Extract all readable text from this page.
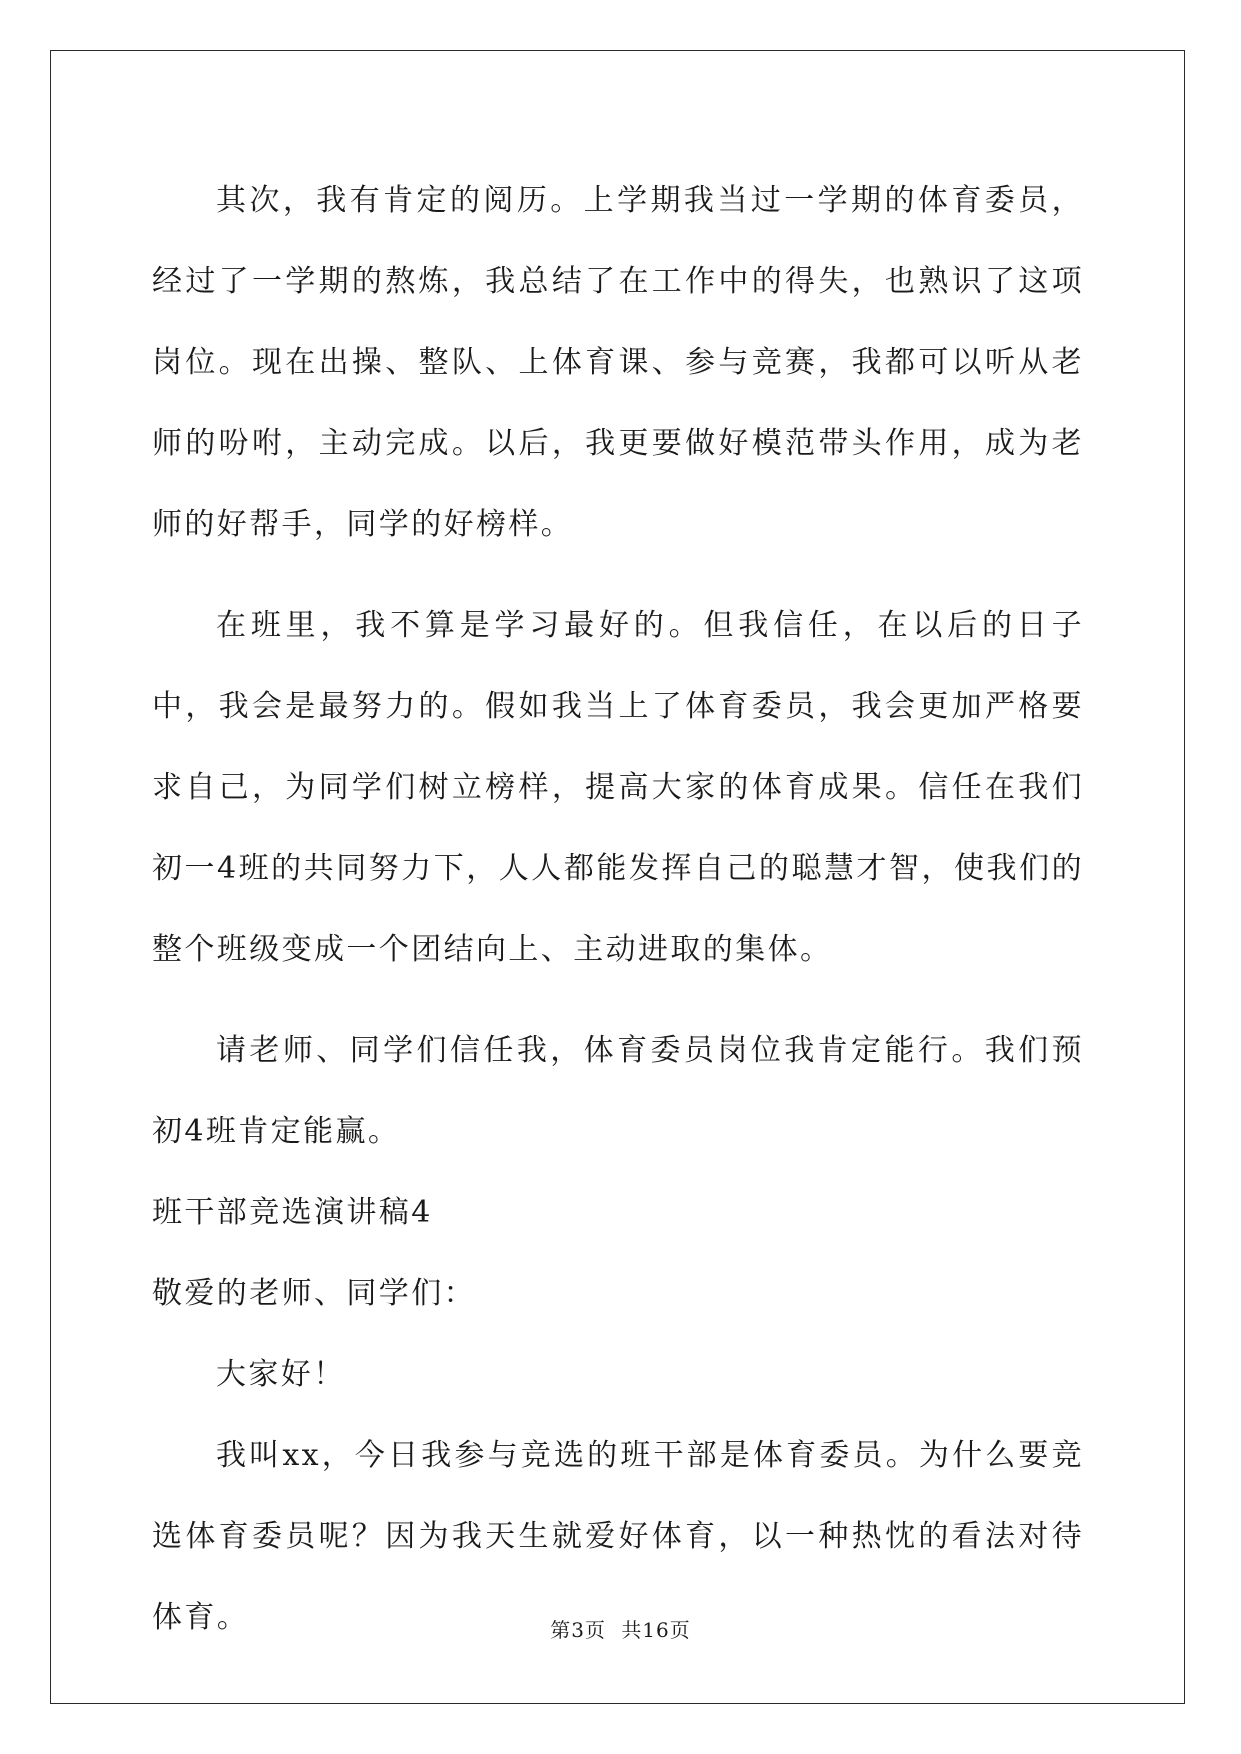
其次，我有肯定的阅历。上学期我当过一学期的体育委员，经过了一学期的熬炼，我总结了在工作中的得失，也熟识了这项岗位。现在出操、整队、上体育课、参与竞赛，我都可以听从老师的吩咐，主动完成。以后，我更要做好模范带头作用，成为老师的好帮手，同学的好榜样。

在班里，我不算是学习最好的。但我信任，在以后的日子中，我会是最努力的。假如我当上了体育委员，我会更加严格要求自己，为同学们树立榜样，提高大家的体育成果。信任在我们初一4班的共同努力下，人人都能发挥自己的聪慧才智，使我们的整个班级变成一个团结向上、主动进取的集体。

请老师、同学们信任我，体育委员岗位我肯定能行。我们预初4班肯定能赢。

班干部竞选演讲稿4

敬爱的老师、同学们：

大家好！

我叫xx，今日我参与竞选的班干部是体育委员。为什么要竞选体育委员呢？因为我天生就爱好体育，以一种热忱的看法对待体育。	第3页 共16页
